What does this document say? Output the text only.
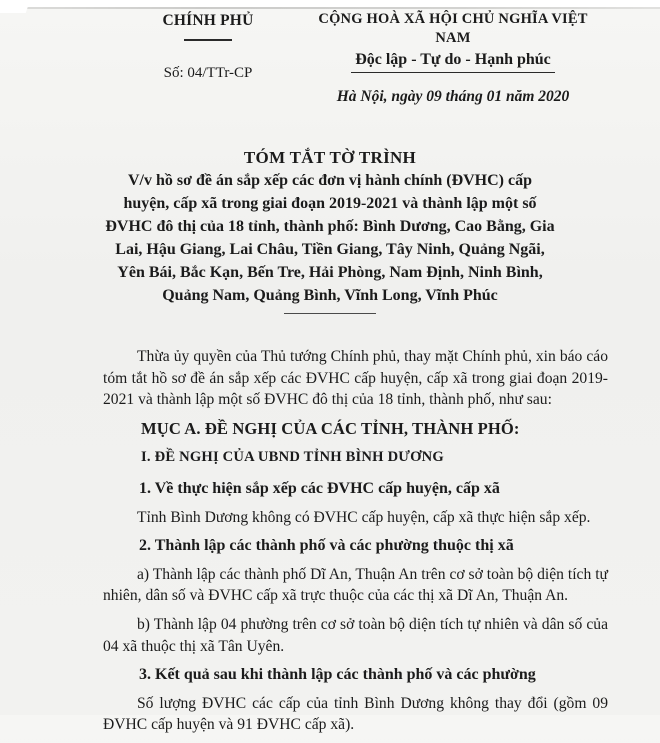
CHÍNH PHỦ
Số: 04/TTr-CP
CỘNG HOÀ XÃ HỘI CHỦ NGHĨA VIỆT NAM
Độc lập - Tự do - Hạnh phúc
Hà Nội, ngày 09 tháng 01 năm 2020
TÓM TẮT TỜ TRÌNH
V/v hồ sơ đề án sắp xếp các đơn vị hành chính (ĐVHC) cấp huyện, cấp xã trong giai đoạn 2019-2021 và thành lập một số ĐVHC đô thị của 18 tỉnh, thành phố: Bình Dương, Cao Bằng, Gia Lai, Hậu Giang, Lai Châu, Tiền Giang, Tây Ninh, Quảng Ngãi, Yên Bái, Bắc Kạn, Bến Tre, Hải Phòng, Nam Định, Ninh Bình, Quảng Nam, Quảng Bình, Vĩnh Long, Vĩnh Phúc

Thừa ủy quyền của Thủ tướng Chính phủ, thay mặt Chính phủ, xin báo cáo tóm tắt hồ sơ đề án sắp xếp các ĐVHC cấp huyện, cấp xã trong giai đoạn 2019-2021 và thành lập một số ĐVHC đô thị của 18 tỉnh, thành phố, như sau:

MỤC A. ĐỀ NGHỊ CỦA CÁC TỈNH, THÀNH PHỐ:

I. ĐỀ NGHỊ CỦA UBND TỈNH BÌNH DƯƠNG

1. Về thực hiện sắp xếp các ĐVHC cấp huyện, cấp xã

Tỉnh Bình Dương không có ĐVHC cấp huyện, cấp xã thực hiện sắp xếp.

2. Thành lập các thành phố và các phường thuộc thị xã

a) Thành lập các thành phố Dĩ An, Thuận An trên cơ sở toàn bộ diện tích tự nhiên, dân số và ĐVHC cấp xã trực thuộc của các thị xã Dĩ An, Thuận An.

b) Thành lập 04 phường trên cơ sở toàn bộ diện tích tự nhiên và dân số của 04 xã thuộc thị xã Tân Uyên.

3. Kết quả sau khi thành lập các thành phố và các phường

Số lượng ĐVHC các cấp của tỉnh Bình Dương không thay đổi (gồm 09 ĐVHC cấp huyện và 91 ĐVHC cấp xã).
